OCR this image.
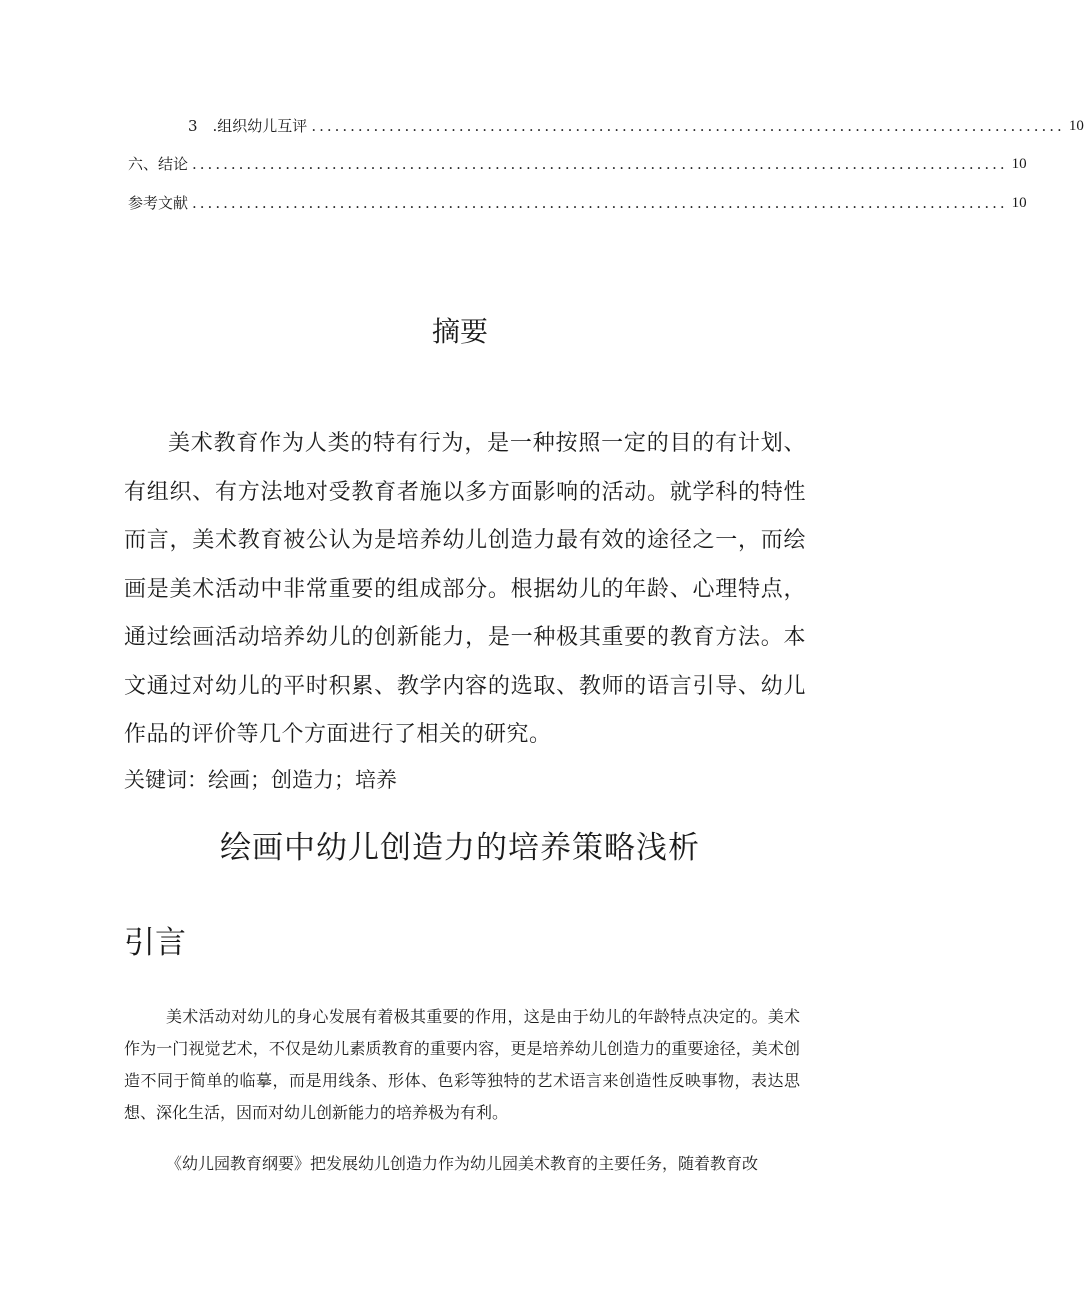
3 .组织幼儿互评 ................................................................................................. 10
六、结论 ......................................................................................................... 10
参考文献 ......................................................................................................... 10
摘要

美术教育作为人类的特有行为，是一种按照一定的目的有计划、有组织、有方法地对受教育者施以多方面影响的活动。就学科的特性而言，美术教育被公认为是培养幼儿创造力最有效的途径之一，而绘画是美术活动中非常重要的组成部分。根据幼儿的年龄、心理特点，通过绘画活动培养幼儿的创新能力，是一种极其重要的教育方法。本文通过对幼儿的平时积累、教学内容的选取、教师的语言引导、幼儿作品的评价等几个方面进行了相关的研究。

关键词：绘画；创造力；培养
绘画中幼儿创造力的培养策略浅析
引言

美术活动对幼儿的身心发展有着极其重要的作用，这是由于幼儿的年龄特点决定的。美术作为一门视觉艺术，不仅是幼儿素质教育的重要内容，更是培养幼儿创造力的重要途径，美术创造不同于简单的临摹，而是用线条、形体、色彩等独特的艺术语言来创造性反映事物，表达思想、深化生活，因而对幼儿创新能力的培养极为有利。

《幼儿园教育纲要》把发展幼儿创造力作为幼儿园美术教育的主要任务，随着教育改
